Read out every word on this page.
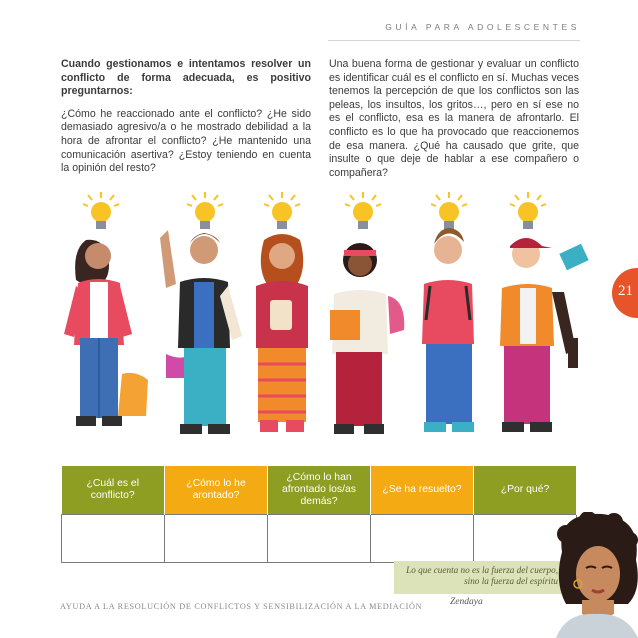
GUÍA PARA ADOLESCENTES

Cuando gestionamos e intentamos resolver un conflicto de forma adecuada, es positivo preguntarnos:

¿Cómo he reaccionado ante el conflicto? ¿He sido demasiado agresivo/a o he mostrado debilidad a la hora de afrontar el conflicto? ¿He mantenido una comunicación asertiva? ¿Estoy teniendo en cuenta la opinión del resto?

Una buena forma de gestionar y evaluar un conflicto es identificar cuál es el conflicto en sí. Muchas veces tenemos la percepción de que los conflictos son las peleas, los insultos, los gritos…, pero en sí ese no es el conflicto, esa es la manera de afrontarlo. El conflicto es lo que ha provocado que reaccionemos de esa manera. ¿Qué ha causado que grite, que insulte o que deje de hablar a ese compañero o compañera?

21
¿Cuál es el conflicto?	¿Cómo lo he arontado?	¿Cómo lo han afrontado los/as demás?	¿Se ha resuelto?	¿Por qué?

AYUDA A LA RESOLUCIÓN DE CONFLICTOS Y SENSIBILIZACIÓN A LA MEDIACIÓN
Lo que cuenta no es la fuerza del cuerpo, sino la fuerza del espíritu
Zendaya
